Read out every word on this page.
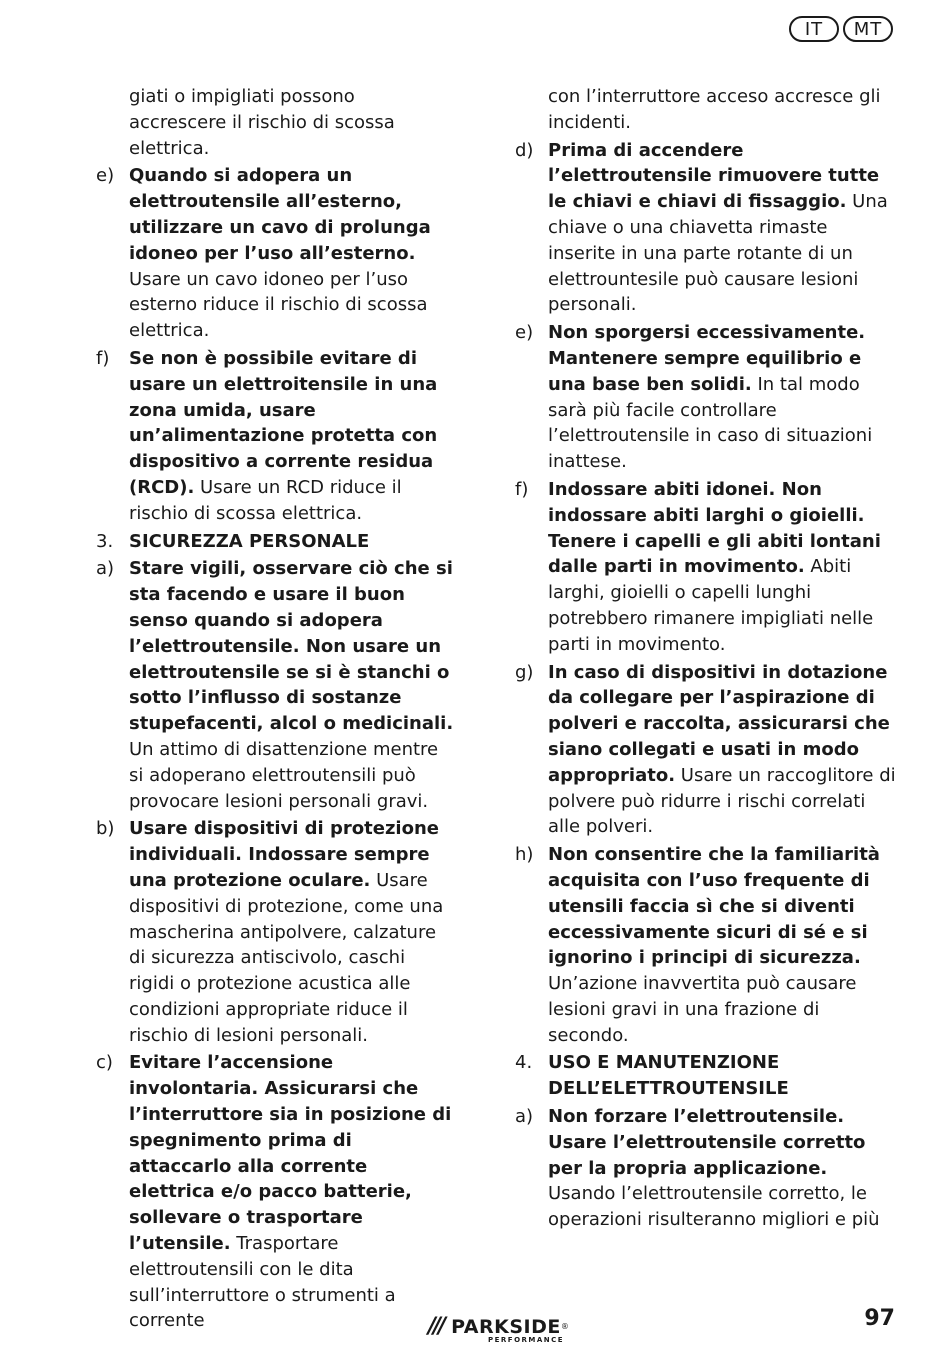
IT	MT
giati o impigliati possono accrescere il rischio di scossa elettrica.
e) Quando si adopera un elettroutensile all’esterno, utilizzare un cavo di prolunga idoneo per l’uso all’esterno. Usare un cavo idoneo per l’uso esterno riduce il rischio di scossa elettrica.
f)	Se non è possibile evitare di usare un elettroitensile in una zona umida, usare un’alimentazione protetta con dispositivo a corrente residua (RCD). Usare un RCD riduce il rischio di scossa elettrica.
3. SICUREZZA PERSONALE
a) Stare vigili, osservare ciò che si sta facendo e usare il buon senso quando si adopera l’elettroutensile. Non usare un elettroutensile se si è stanchi o sotto l’influsso di sostanze stupefacenti, alcol o medicinali. Un attimo di disattenzione mentre si adoperano elettroutensili può provocare lesioni personali gravi.
b) Usare dispositivi di protezione individuali. Indossare sempre una protezione oculare. Usare dispositivi di protezione, come una mascherina antipolvere, calzature di sicurezza antiscivolo, caschi rigidi o protezione acustica alle condizioni appropriate riduce il rischio di lesioni personali.
c) Evitare l’accensione involontaria. Assicurarsi che l’interruttore sia in posizione di spegnimento prima di attaccarlo alla corrente elettrica e/o pacco batterie, sollevare o trasportare l’utensile. Trasportare elettroutensili con le dita sull’interruttore o strumenti a corrente
con l’interruttore acceso accresce gli incidenti.
d) Prima di accendere l’elettroutensile rimuovere tutte le chiavi e chiavi di fissaggio. Una chiave o una chiavetta rimaste inserite in una parte rotante di un elettrountesile può causare lesioni personali.
e) Non sporgersi eccessivamente. Mantenere sempre equilibrio e una base ben solidi. In tal modo sarà più facile controllare l’elettroutensile in caso di situazioni inattese.
f)	Indossare abiti idonei. Non indossare abiti larghi o gioielli. Tenere i capelli e gli abiti lontani dalle parti in movimento. Abiti larghi, gioielli o capelli lunghi potrebbero rimanere impigliati nelle parti in movimento.
g) In caso di dispositivi in dotazione da collegare per l’aspirazione di polveri e raccolta, assicurarsi che siano collegati e usati in modo appropriato. Usare un raccoglitore di polvere può ridurre i rischi correlati alle polveri.
h) Non consentire che la familiarità acquisita con l’uso frequente di utensili faccia sì che si diventi eccessivamente sicuri di sé e si ignorino i principi di sicurezza. Un’azione inavvertita può causare lesioni gravi in una frazione di secondo.
4. USO E MANUTENZIONE DELL’ELETTROUTENSILE
a) Non forzare l’elettroutensile. Usare l’elettroutensile corretto per la propria applicazione. Usando l’elettroutensile corretto, le operazioni risulteranno migliori e più
/// PARKSIDE ®
PERFORMANCE
97
